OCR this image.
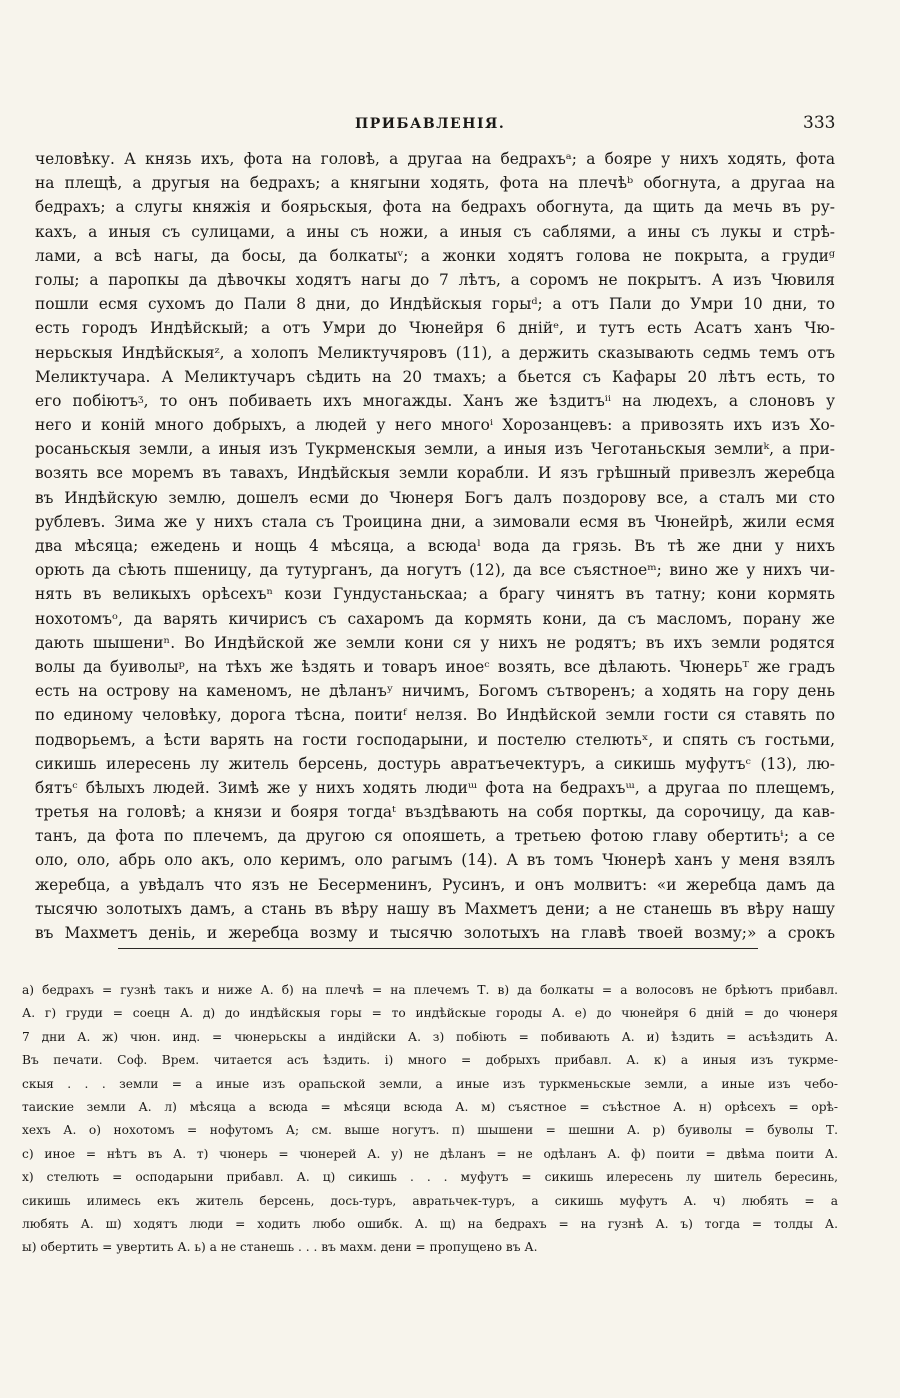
ПРИБАВЛЕНІЯ.	333
человѣку. А князь ихъ, фота на головѣ, а другаа на бедрахъᵃ; а бояре у нихъ ходять, фота
на плещѣ, а другыя на бедрахъ; а княгыни ходять, фота на плечѣᵇ обогнута, а другаа на
бедрахъ; а слугы княжія и боярьскыя, фота на бедрахъ обогнута, да щить да мечь въ ру-
кахъ, а иныя съ сулицами, а ины съ ножи, а иныя съ саблями, а ины съ лукы и стрѣ-
лами, а всѣ нагы, да босы, да болкатыᵛ; а жонки ходятъ голова не покрыта, а грудиᵍ
голы; а паропкы да дѣвочкы ходятъ нагы до 7 лѣтъ, а соромъ не покрытъ. А изъ Чювиля
пошли есмя сухомъ до Пали 8 дни, до Индѣйскыя горыᵈ; а отъ Пали до Умри 10 дни, то
есть городъ Индѣйскый; а отъ Умри до Чюнейря 6 днійᵉ, и тутъ есть Асатъ ханъ Чю-
нерьскыя Индѣйскыяᶻ, а холопъ Меликтучяровъ (11), а держить сказывають седмь темъ отъ
Меликтучара. А Меликтучаръ сѣдить на 20 тмахъ; а бьется съ Кафары 20 лѣтъ есть, то
его побіютъᶾ, то онъ побиваеть ихъ многажды. Ханъ же ѣздитъⁱⁱ на людехъ, а слоновъ у
него и коній много добрыхъ, а людей у него многоⁱ Хорозанцевъ: а привозять ихъ изъ Хо-
росаньскыя земли, а иныя изъ Тукрменскыя земли, а иныя изъ Чеготаньскыя землиᵏ, а при-
возять все моремъ въ тавахъ, Индѣйскыя земли корабли. И язъ грѣшный привезлъ жеребца
въ Индѣйскую землю, дошелъ есми до Чюнеря Богъ далъ поздорову все, а сталъ ми сто
рублевъ. Зима же у нихъ стала съ Троицина дни, а зимовали есмя въ Чюнейрѣ, жили есмя
два мѣсяца; ежедень и нощь 4 мѣсяца, а всюдаˡ вода да грязь. Въ тѣ же дни у нихъ
орють да сѣють пшеницу, да тутурганъ, да ногутъ (12), да все съястноеᵐ; вино же у нихъ чи-
нять въ великыхъ орѣсехъⁿ кози Гундустаньскаа; а брагу чинятъ въ татну; кони кормять
нохотомъᵒ, да варять кичирисъ съ сахаромъ да кормять кони, да съ масломъ, порану же
дають шышениⁿ. Во Индѣйской же земли кони ся у нихъ не родятъ; въ ихъ земли родятся
волы да буиволыᵖ, на тѣхъ же ѣздять и товаръ иноеᶜ возять, все дѣлають. Чюнерьᵀ же градъ
есть на острову на каменомъ, не дѣланъʸ ничимъ, Богомъ сътворенъ; а ходять на гору день
по единому человѣку, дорога тѣсна, поитиᶠ нелзя. Во Индѣйской земли гости ся ставять по
подворьемъ, а ѣсти варять на гости господарыни, и постелю стелютьˣ, и спять съ гостьми,
сикишь илересень лу житель берсень, достурь авратъечектуръ, а сикишь муфутъᶜ (13), лю-
бятъᶜ бѣлыхъ людей. Зимѣ же у нихъ ходять людиᵚ фота на бедрахъᵚ, а другаа по плещемъ,
третья на головѣ; а князи и бояря тогдаᵗ въздѣвають на собя порткы, да сорочицу, да кав-
танъ, да фота по плечемъ, да другою ся опояшеть, а третьею фотою главу обертитьᶤ; а се
оло, оло, абрь оло акъ, оло керимъ, оло рагымъ (14). А въ томъ Чюнерѣ ханъ у меня взялъ
жеребца, а увѣдалъ что язъ не Бесерменинъ, Русинъ, и онъ молвитъ: «и жеребца дамъ да
тысячю золотыхъ дамъ, а стань въ вѣру нашу въ Махметъ дени; а не станешь въ вѣру нашу
въ Махметъ деніь, и жеребца возму и тысячю золотыхъ на главѣ твоей возму;» а срокъ
а) бедрахъ = гузнѣ такъ и ниже А. б) на плечѣ = на плечемъ Т. в) да болкаты = а волосовъ не брѣютъ прибавл.
А. г) груди = соецн А. д) до индѣйскыя горы = то индѣйскые городы А. е) до чюнейря 6 днiй = до чюнеря
7 дни А. ж) чюн. инд. = чюнерьскы а индійски А. з) побіють = побивають А. и) ѣздить = асъѣздить А.
Въ печати. Соф. Врем. читается асъ ѣздить. і) много = добрыхъ прибавл. А. к) а иныя изъ тукрме-
скыя . . . земли = а иные изъ орапьской земли, а иные изъ туркменьскые земли, а иные изъ чебо-
таиские земли А. л) мѣсяца а всюда = мѣсяци всюда А. м) съястное = съѣстное А. н) орѣсехъ = орѣ-
хехъ А. о) нохотомъ = нофутомъ А; см. выше ногутъ. п) шышени = шешни А. р) буиволы = буволы Т.
с) иное = нѣтъ въ А. т) чюнерь = чюнерей А. у) не дѣланъ = не одѣланъ А. ф) поити = двѣма поити А.
х) стелють = осподарыни прибавл. А. ц) сикишь . . . муфутъ = сикишь илересень лу шитель бересинь,
сикишь илимесь екъ житель берсень, дось-туръ, авратьчек-туръ, а сикишь муфутъ А. ч) любять = а
любять А. ш) ходятъ люди = ходить любо ошибк. А. щ) на бедрахъ = на гузнѣ А. ъ) тогда = толды А.
ы) обертить = увертить А. ь) а не станешь . . . въ махм. дени = пропущено въ А.
